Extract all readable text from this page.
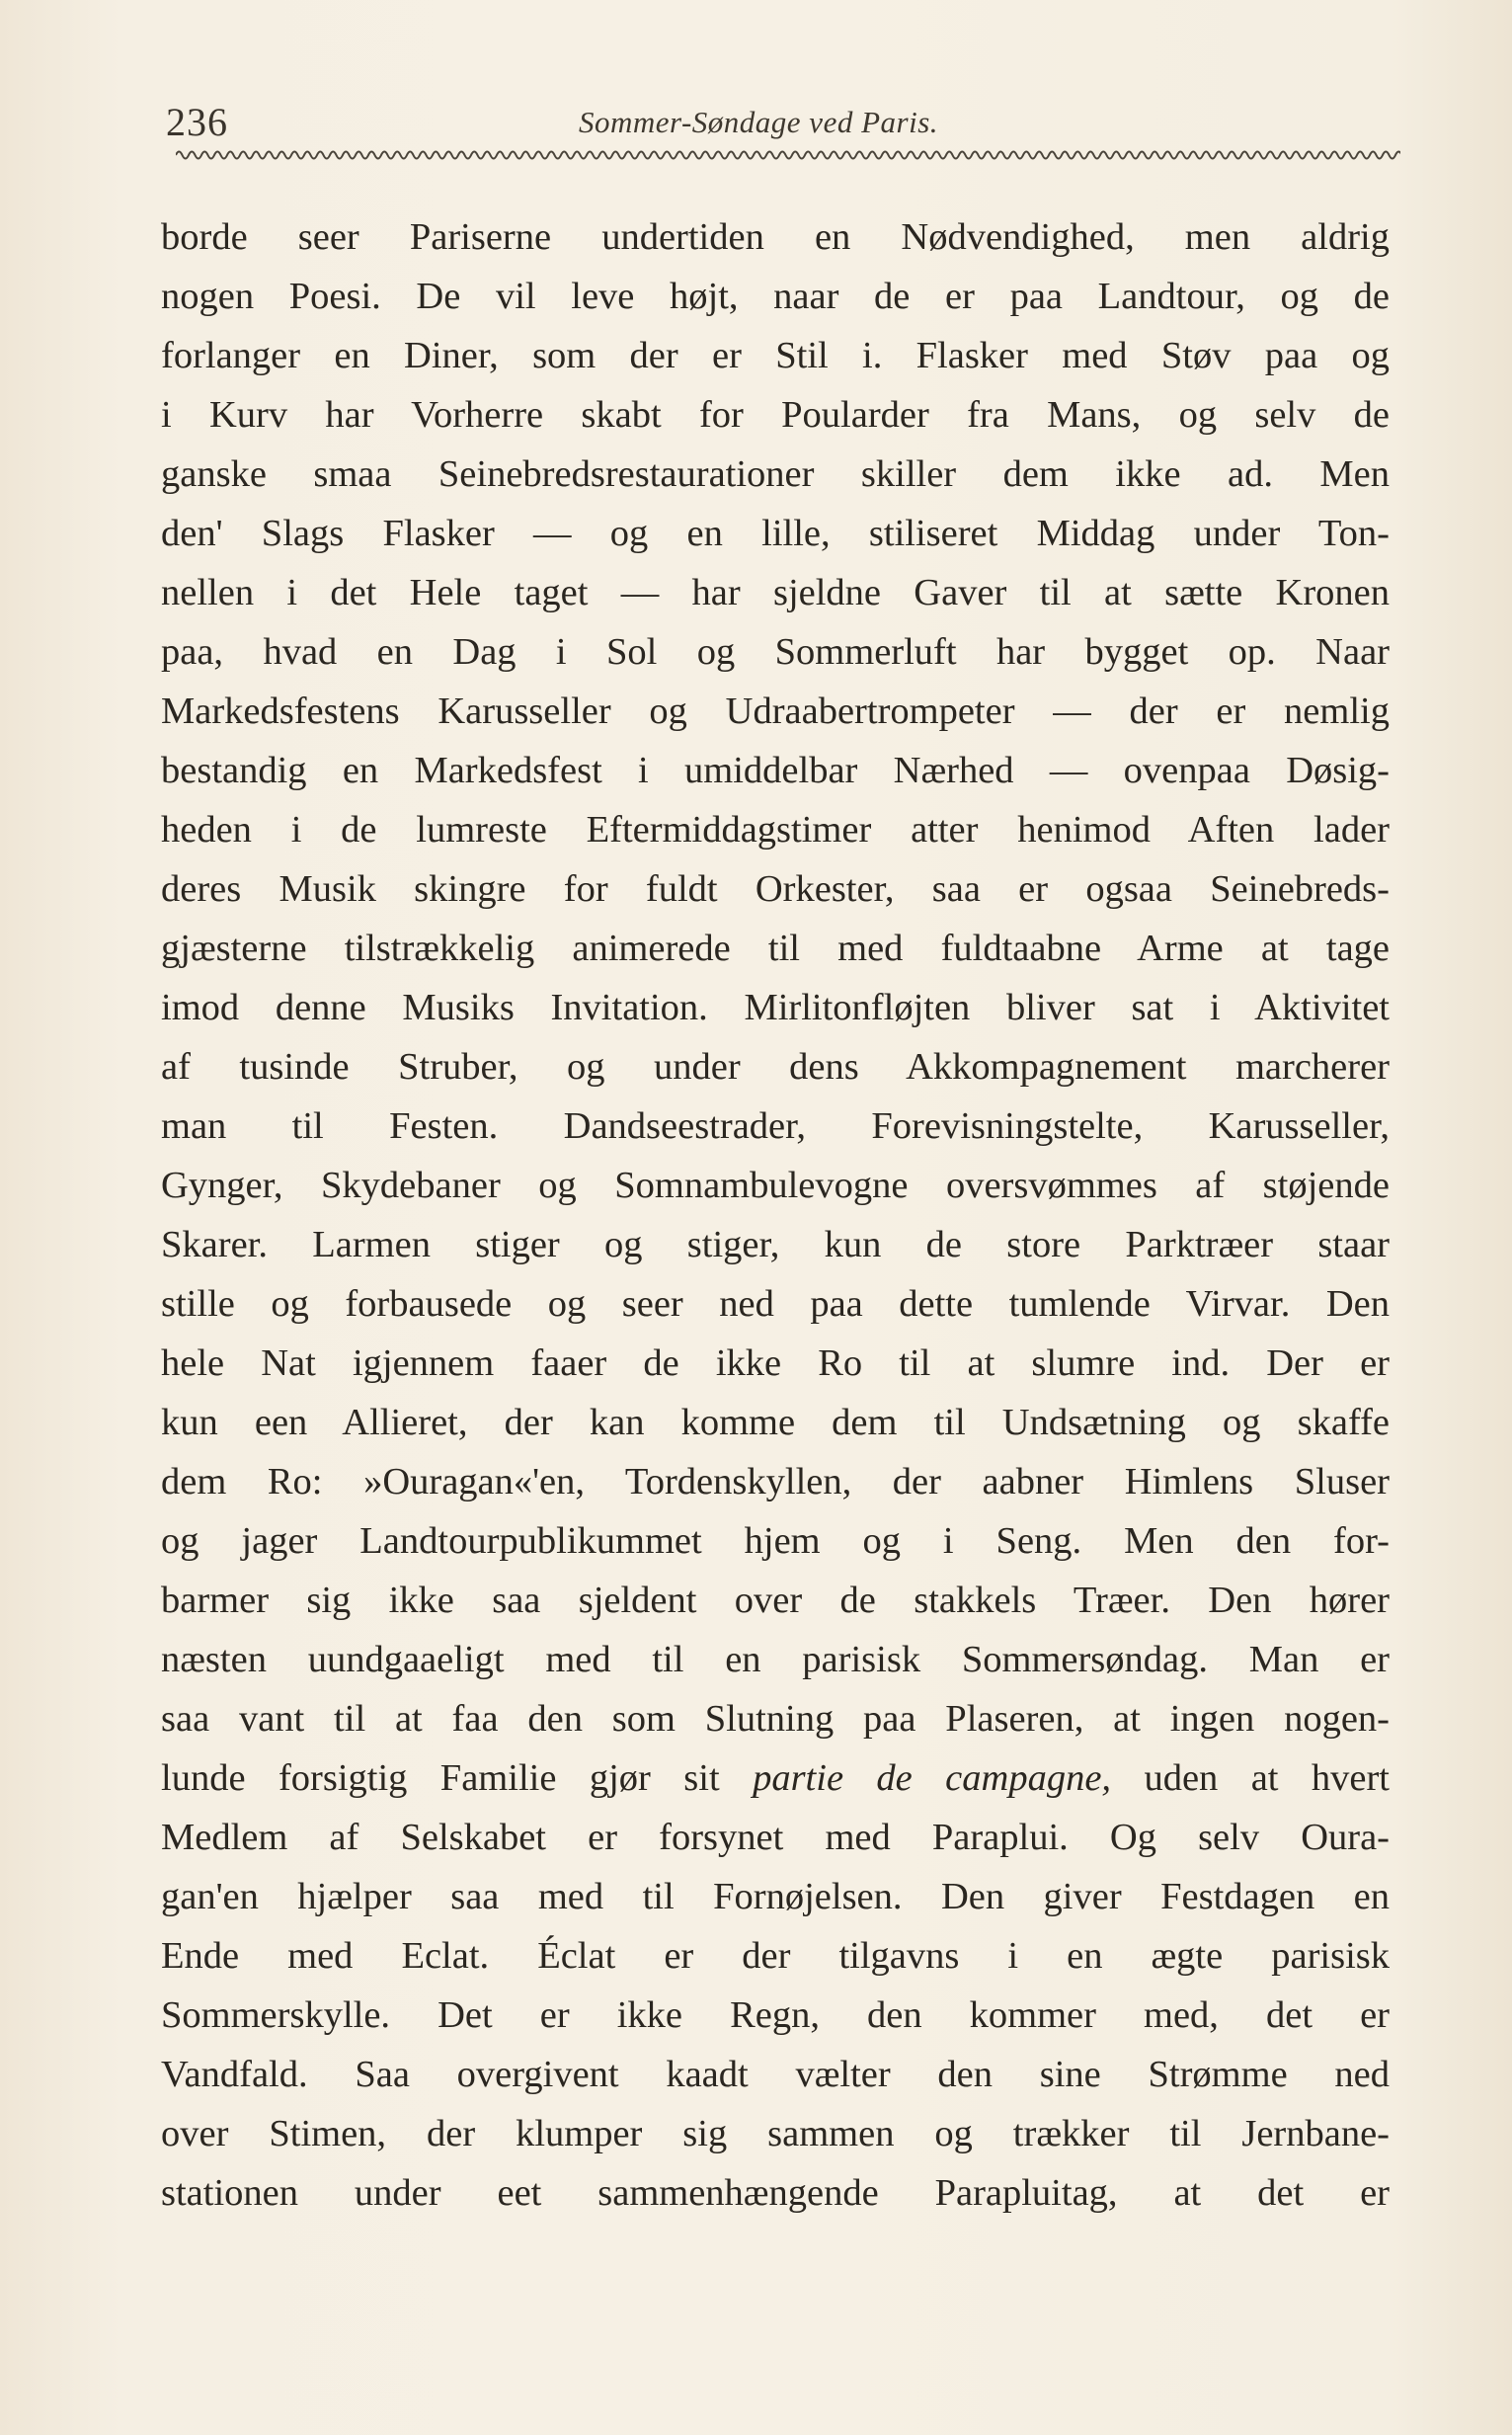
236	Sommer-Søndage ved Paris.
borde seer Pariserne undertiden en Nødvendighed, men aldrig
nogen Poesi. De vil leve højt, naar de er paa Landtour, og de
forlanger en Diner, som der er Stil i. Flasker med Støv paa og
i Kurv har Vorherre skabt for Poularder fra Mans, og selv de
ganske smaa Seinebredsrestaurationer skiller dem ikke ad. Men
den' Slags Flasker — og en lille, stiliseret Middag under Ton-
nellen i det Hele taget — har sjeldne Gaver til at sætte Kronen
paa, hvad en Dag i Sol og Sommerluft har bygget op. Naar
Markedsfestens Karusseller og Udraabertrompeter — der er nemlig
bestandig en Markedsfest i umiddelbar Nærhed — ovenpaa Døsig-
heden i de lumreste Eftermiddagstimer atter henimod Aften lader
deres Musik skingre for fuldt Orkester, saa er ogsaa Seinebreds-
gjæsterne tilstrækkelig animerede til med fuldtaabne Arme at tage
imod denne Musiks Invitation. Mirlitonfløjten bliver sat i Aktivitet
af tusinde Struber, og under dens Akkompagnement marcherer
man til Festen. Dandseestrader, Forevisningstelte, Karusseller,
Gynger, Skydebaner og Somnambulevogne oversvømmes af støjende
Skarer. Larmen stiger og stiger, kun de store Parktræer staar
stille og forbausede og seer ned paa dette tumlende Virvar. Den
hele Nat igjennem faaer de ikke Ro til at slumre ind. Der er
kun een Allieret, der kan komme dem til Undsætning og skaffe
dem Ro: »Ouragan«'en, Tordenskyllen, der aabner Himlens Sluser
og jager Landtourpublikummet hjem og i Seng. Men den for-
barmer sig ikke saa sjeldent over de stakkels Træer. Den hører
næsten uundgaaeligt med til en parisisk Sommersøndag. Man er
saa vant til at faa den som Slutning paa Plaseren, at ingen nogen-
lunde forsigtig Familie gjør sit partie de campagne, uden at hvert
Medlem af Selskabet er forsynet med Paraplui. Og selv Oura-
gan'en hjælper saa med til Fornøjelsen. Den giver Festdagen en
Ende med Eclat. Éclat er der tilgavns i en ægte parisisk
Sommerskylle. Det er ikke Regn, den kommer med, det er
Vandfald. Saa overgivent kaadt vælter den sine Strømme ned
over Stimen, der klumper sig sammen og trækker til Jernbane-
stationen under eet sammenhængende Parapluitag, at det er
